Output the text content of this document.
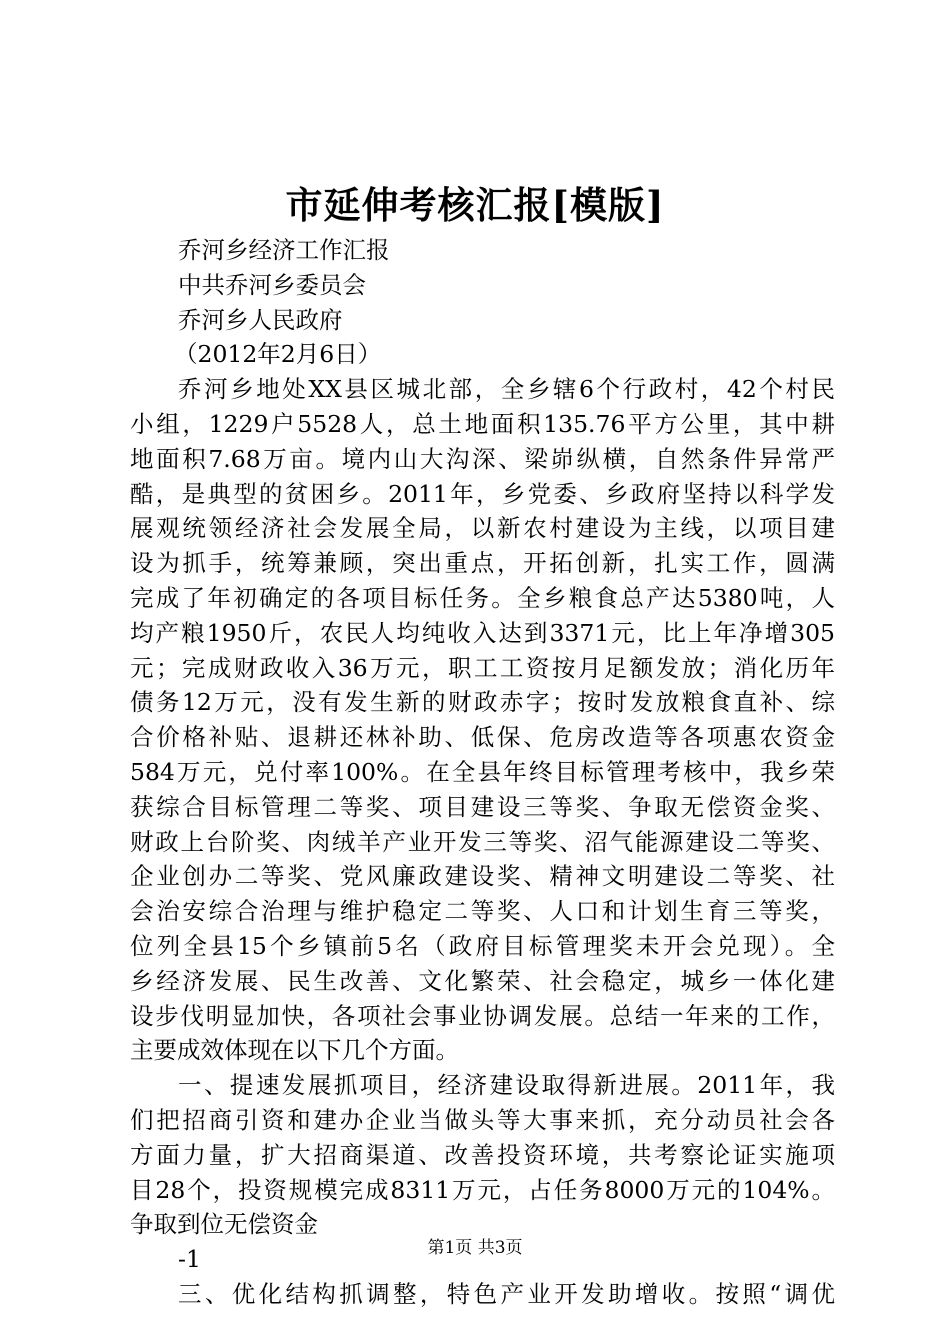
市延伸考核汇报[模版]
乔河乡经济工作汇报
中共乔河乡委员会
乔河乡人民政府
（2012年2月6日）
乔河乡地处XX县区城北部，全乡辖6个行政村，42个村民
小组，1229户5528人，总土地面积135.76平方公里，其中耕
地面积7.68万亩。境内山大沟深、梁峁纵横，自然条件异常严
酷，是典型的贫困乡。2011年，乡党委、乡政府坚持以科学发
展观统领经济社会发展全局，以新农村建设为主线，以项目建
设为抓手，统筹兼顾，突出重点，开拓创新，扎实工作，圆满
完成了年初确定的各项目标任务。全乡粮食总产达5380吨，人
均产粮1950斤，农民人均纯收入达到3371元，比上年净增305
元；完成财政收入36万元，职工工资按月足额发放；消化历年
债务12万元，没有发生新的财政赤字；按时发放粮食直补、综
合价格补贴、退耕还林补助、低保、危房改造等各项惠农资金
584万元，兑付率100%。在全县年终目标管理考核中，我乡荣
获综合目标管理二等奖、项目建设三等奖、争取无偿资金奖、
财政上台阶奖、肉绒羊产业开发三等奖、沼气能源建设二等奖、
企业创办二等奖、党风廉政建设奖、精神文明建设二等奖、社
会治安综合治理与维护稳定二等奖、人口和计划生育三等奖，
位列全县15个乡镇前5名（政府目标管理奖未开会兑现）。全
乡经济发展、民生改善、文化繁荣、社会稳定，城乡一体化建
设步伐明显加快，各项社会事业协调发展。总结一年来的工作，
主要成效体现在以下几个方面。
一、提速发展抓项目，经济建设取得新进展。2011年，我
们把招商引资和建办企业当做头等大事来抓，充分动员社会各
方面力量，扩大招商渠道、改善投资环境，共考察论证实施项
目28个，投资规模完成8311万元，占任务8000万元的104%。
争取到位无偿资金
-1
三、优化结构抓调整，特色产业开发助增收。按照“调优
第1页 共3页
